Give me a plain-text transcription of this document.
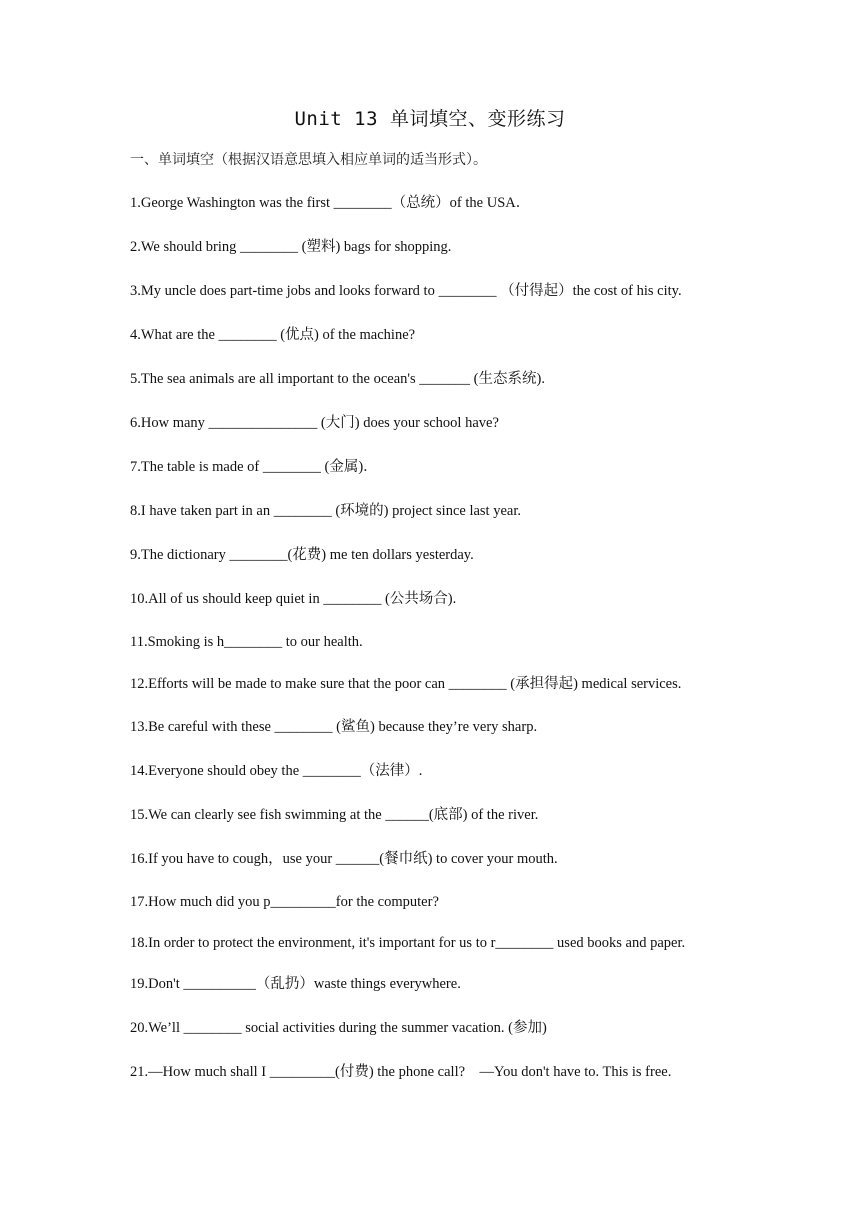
Unit 13 单词填空、变形练习
一、单词填空（根据汉语意思填入相应单词的适当形式）。
1.George Washington was the first ________（总统）of the USA．
2.We should bring ________ (塑料) bags for shopping.
3.My uncle does part-time jobs and looks forward to ________ （付得起）the cost of his city.
4.What are the ________ (优点) of the machine?
5.The sea animals are all important to the ocean's _______ (生态系统).
6.How many _______________ (大门) does your school have?
7.The table is made of ________ (金属)．
8.I have taken part in an ________ (环境的) project since last year.
9.The dictionary ________(花费) me ten dollars yesterday.
10.All of us should keep quiet in ________ (公共场合).
11.Smoking is h________ to our health.
12.Efforts will be made to make sure that the poor can ________ (承担得起) medical services.
13.Be careful with these ________ (鲨鱼) because they’re very sharp.
14.Everyone should obey the ________（法律）.
15.We can clearly see fish swimming at the ______(底部) of the river.
16.If you have to cough，use your ______(餐巾纸) to cover your mouth.
17.How much did you p_________for the computer?
18.In order to protect the environment, it's important for us to r________ used books and paper.
19.Don't __________（乱扔）waste things everywhere.
20.We’ll ________ social activities during the summer vacation. (参加)
21.—How much shall I _________(付费) the phone call?　—You don't have to. This is free.
